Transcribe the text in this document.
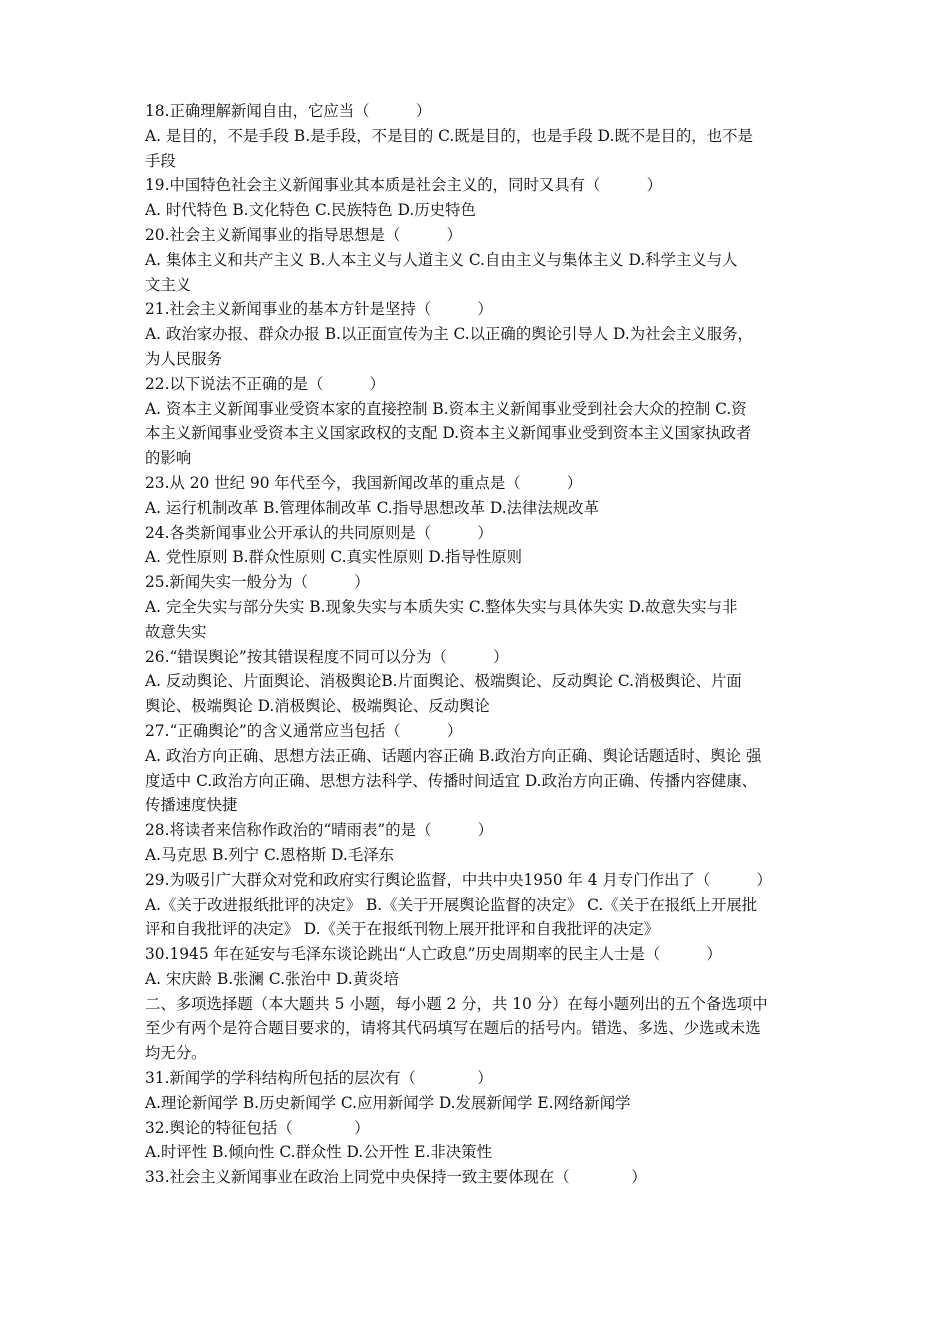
18.正确理解新闻自由，它应当（　　　）
A. 是目的，不是手段 B.是手段，不是目的 C.既是目的，也是手段 D.既不是目的，也不是
手段
19.中国特色社会主义新闻事业其本质是社会主义的，同时又具有（　　　）
A. 时代特色 B.文化特色 C.民族特色 D.历史特色
20.社会主义新闻事业的指导思想是（　　　）
A. 集体主义和共产主义 B.人本主义与人道主义 C.自由主义与集体主义 D.科学主义与人
文主义
21.社会主义新闻事业的基本方针是坚持（　　　）
A. 政治家办报、群众办报 B.以正面宣传为主 C.以正确的舆论引导人 D.为社会主义服务，
为人民服务
22.以下说法不正确的是（　　　）
A. 资本主义新闻事业受资本家的直接控制 B.资本主义新闻事业受到社会大众的控制 C.资
本主义新闻事业受资本主义国家政权的支配 D.资本主义新闻事业受到资本主义国家执政者
的影响
23.从 20 世纪 90 年代至今，我国新闻改革的重点是（　　　）
A. 运行机制改革 B.管理体制改革 C.指导思想改革 D.法律法规改革
24.各类新闻事业公开承认的共同原则是（　　　）
A. 党性原则 B.群众性原则 C.真实性原则 D.指导性原则
25.新闻失实一般分为（　　　）
A. 完全失实与部分失实 B.现象失实与本质失实 C.整体失实与具体失实 D.故意失实与非
故意失实
26.“错误舆论”按其错误程度不同可以分为（　　　）
A. 反动舆论、片面舆论、消极舆论B.片面舆论、极端舆论、反动舆论 C.消极舆论、片面
舆论、极端舆论 D.消极舆论、极端舆论、反动舆论
27.“正确舆论”的含义通常应当包括（　　　）
A. 政治方向正确、思想方法正确、话题内容正确 B.政治方向正确、舆论话题适时、舆论 强
度适中 C.政治方向正确、思想方法科学、传播时间适宜 D.政治方向正确、传播内容健康、
传播速度快捷
28.将读者来信称作政治的“晴雨表”的是（　　　）
A.马克思 B.列宁 C.恩格斯 D.毛泽东
29.为吸引广大群众对党和政府实行舆论监督，中共中央1950 年 4 月专门作出了（　　　）
A.《关于改进报纸批评的决定》 B.《关于开展舆论监督的决定》 C.《关于在报纸上开展批
评和自我批评的决定》 D.《关于在报纸刊物上展开批评和自我批评的决定》
30.1945 年在延安与毛泽东谈论跳出“人亡政息”历史周期率的民主人士是（　　　）
A. 宋庆龄 B.张澜 C.张治中 D.黄炎培
二、多项选择题（本大题共 5 小题，每小题 2 分，共 10 分）在每小题列出的五个备选项中
至少有两个是符合题目要求的，请将其代码填写在题后的括号内。错选、多选、少选或未选
均无分。
31.新闻学的学科结构所包括的层次有（　　　　）
A.理论新闻学 B.历史新闻学 C.应用新闻学 D.发展新闻学 E.网络新闻学
32.舆论的特征包括（　　　　）
A.时评性 B.倾向性 C.群众性 D.公开性 E.非决策性
33.社会主义新闻事业在政治上同党中央保持一致主要体现在（　　　　）
